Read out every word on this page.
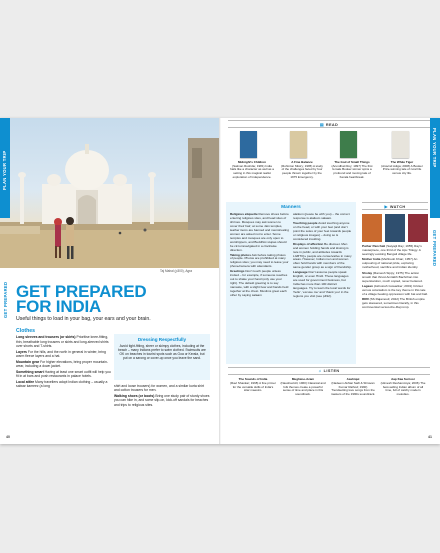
Taj Mahal (p300), Agra
PLAN YOUR TRIP
GET PREPARED GET PREPARED
FOR INDIA
Useful things to load in your bag, your ears and your brain.
Clothes

Long sleeves and trousers (or skirts) Prioritise knee-fitting, thin, breathable long trousers or skirts and long-sleeved shirts over shorts and T-shirts.

Layers For the hills, and the north in general in winter, bring warm fleece layers and a hat.

Mountain gear For higher elevations, bring proper mountain-wear, including a down jacket.

Something smart Having at least one smart outfit will help you fit in at bars and posh restaurants in palace hotels.

Local attire Many travellers adopt Indian clothing – usually a salwar kameez (a long

Dressing Respectfully

Avoid tight-fitting, sheer or skimpy clothes, including at the beach – many Indians prefer to swim clothed. Swimsuits are OK on beaches in tourist spots such as Goa or Kerala, but put on a sarong or cover-up once you leave the sand.

shirt and loose trousers) for women, and a similar kurta shirt and cotton trousers for men.

Walking shoes (or boots) Bring one study pair of sturdy shoes you can hike in, and some slip-on, kick-off sandals for beaches and trips to religious sites.

40
PLAN YOUR TRIP
GET PREPARED
▤ READ
Midnight's Children
(Salman Rushdie; 1981) India hails like a character as well as a setting in this magical realist exploration of Independence.
A Fine Balance
(Rohinton Mistry; 1995) A study of the challenges faced by four people thrown together by the 1975 Emergency.
The God of Small Things
(Arundhati Roy; 1997) The first female Booker winner spins a profound and moving tale of Kerala heartbreak.
The White Tiger
(Aravind Adiga; 2008) A Booker Prize-winning tale of rural life versus city life.
Manners

Religious etiquette Remove shoes before entering religious sites, and head sites of shrines. Mosques may ask women to cover their hair; at some Jain temples, leather items are banned and menstruating women are asked not to enter. Some temples and mosques are only open to worshippers, and Buddhist stupas should be circumnavigated in a clockwise direction.

Taking photos Ask before taking photos of people. Photos are prohibited at many religious sites; you may need to leave your phone/camera with attendants.

Greetings Don't touch people unless invited – for example, if someone reaches out to shake your hand (only use your right). The default greeting is to say namaste, with a slight bow and hands held together at the chest. Muslims greet each other by saying salaam

alaikum (peace be with you) – the correct response is alaikum salaam.

Touching people Avoid touching anyone on the head, or with your feet (and don't point the soles of your feet towards people or religious images) – doing so is considered insulting.

Displays of affection Be discreet. Men and women holding hands and kissing is rare in public, and attitudes towards LGBTIQ+ people are conservative in many areas. However, Indian men and women often hold hands with members of the same gender group as a sign of friendship.

Language Don't assume people speak English, or even Hindi. These languages are used for government business, but India has more than 100 distinct languages. Try to learn the local words for 'hello', 'excuse me' and 'thank you' in the regions you visit (see p492).

▶ WATCH

Pather Panchali (Satyajit Ray; 1955) Ray's masterpiece, one third of the Apu Trilogy. A searingly evoking Bengali village life.

Mother India (Mehboob Khan; 1957) An outpouring of national pride, exploring motherhood, sacrifice and Indian identity.

Sholay (Ramesh Sippy; 1975) The action smash that thrust Amitabh Bachchan into superstardom, much copied, never bettered.

Lagaan (Ashutosh Gowariker; 2001) Cricket versus colonialism is the key theme in this tale of a village beating oppression with bat and ball.

RRR (SS Rajamouli; 2022) The British empire gets skewered, sometimes literally, in this controversial versus-the-Raj romp.

♫ LISTEN
The Sounds of India
(Ravi Shankar; 1968) A fine primer for the versatile skills of India's sitar maestro.
Mughal-e-Azam
(Naushad Ali; 1960) Classical and folk themes create a powerful sense of time and place in this soundtrack.
Aashiqui
(Nadeem Akhtar Saifi & Shravan Kumar Rathod; 1990) Trendsetting love songs from the masters of the 1990s soundtrack.
Aap Kaa Surroor
(Himesh Reshammiya; 2006) The best-selling Indian album of all time, full of catchy modern melodies.
41
